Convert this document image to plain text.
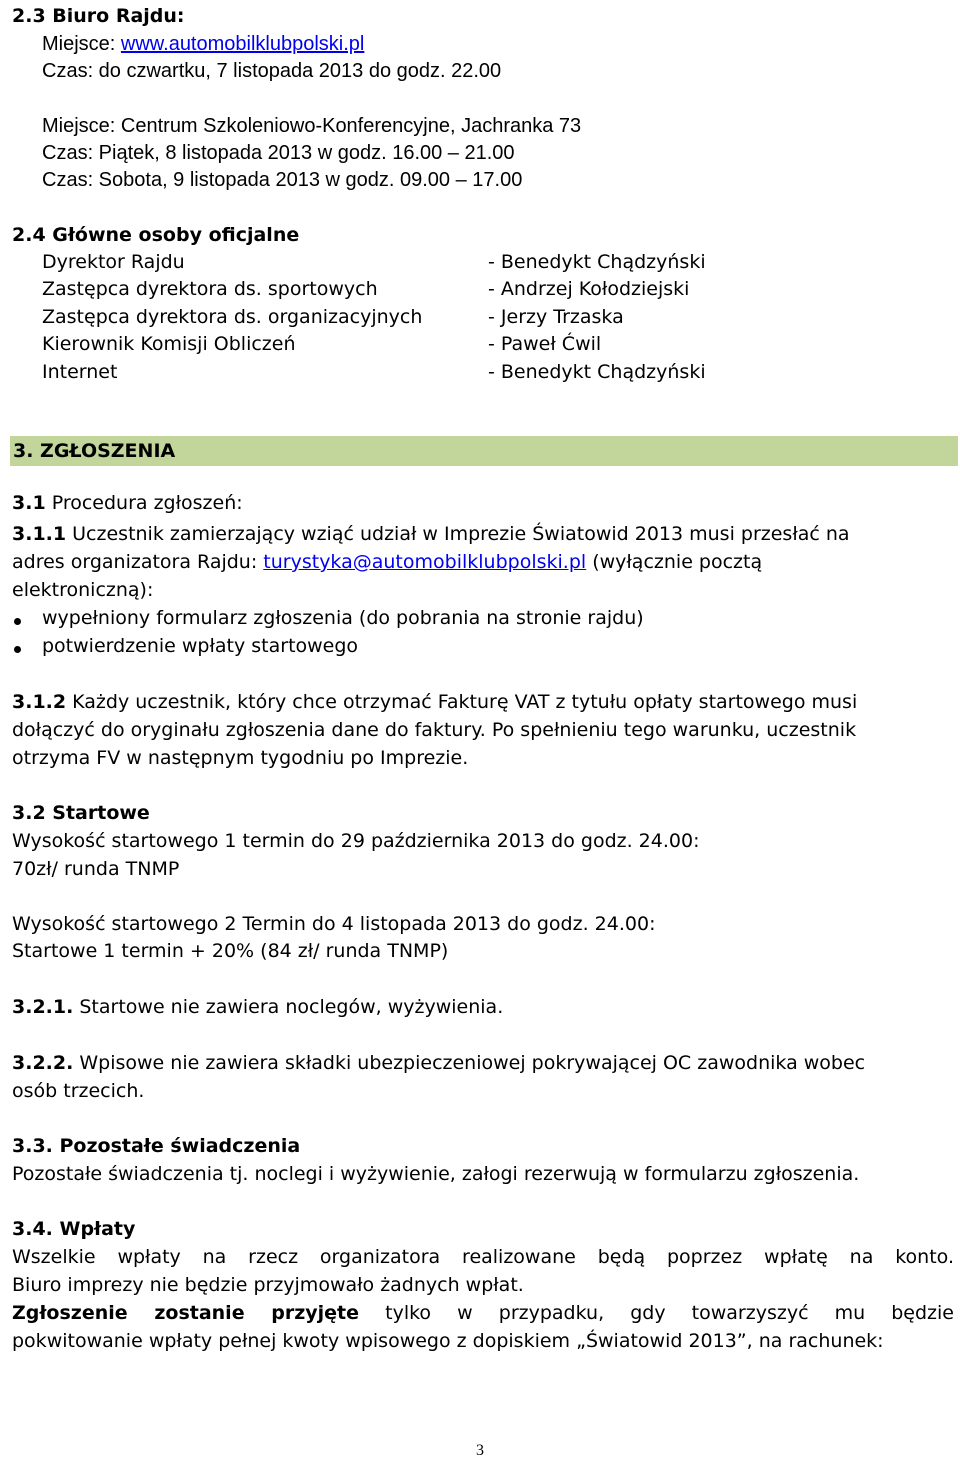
2.3 Biuro Rajdu:
Miejsce: www.automobilklubpolski.pl
Czas: do czwartku, 7 listopada 2013 do godz. 22.00
Miejsce: Centrum Szkoleniowo-Konferencyjne, Jachranka 73
Czas: Piątek, 8 listopada 2013 w godz. 16.00 – 21.00
Czas: Sobota, 9 listopada 2013 w godz. 09.00 – 17.00
2.4 Główne osoby oficjalne
Dyrektor Rajdu
Zastępca dyrektora ds. sportowych
Zastępca dyrektora ds. organizacyjnych
Kierownik Komisji Obliczeń
Internet
- Benedykt Chądzyński
- Andrzej Kołodziejski
- Jerzy Trzaska
- Paweł Ćwil
- Benedykt Chądzyński
3. ZGŁOSZENIA
3.1 Procedura zgłoszeń:
3.1.1 Uczestnik zamierzający wziąć udział w Imprezie Światowid 2013 musi przesłać na
adres organizatora Rajdu: turystyka@automobilklubpolski.pl (wyłącznie pocztą
elektroniczną):
wypełniony formularz zgłoszenia (do pobrania na stronie rajdu)
potwierdzenie wpłaty startowego
3.1.2 Każdy uczestnik, który chce otrzymać Fakturę VAT z tytułu opłaty startowego musi
dołączyć do oryginału zgłoszenia dane do faktury. Po spełnieniu tego warunku, uczestnik
otrzyma FV w następnym tygodniu po Imprezie.
3.2 Startowe
Wysokość startowego 1 termin do 29 października 2013 do godz. 24.00:
70zł/ runda TNMP
Wysokość startowego 2 Termin do 4 listopada 2013 do godz. 24.00:
Startowe 1 termin + 20% (84 zł/ runda TNMP)
3.2.1. Startowe nie zawiera noclegów, wyżywienia.
3.2.2. Wpisowe nie zawiera składki ubezpieczeniowej pokrywającej OC zawodnika wobec
osób trzecich.
3.3. Pozostałe świadczenia
Pozostałe świadczenia tj. noclegi i wyżywienie, załogi rezerwują w formularzu zgłoszenia.
3.4. Wpłaty
Wszelkie wpłaty na rzecz organizatora realizowane będą poprzez wpłatę na konto.
Biuro imprezy nie będzie przyjmowało żadnych wpłat.
Zgłoszenie zostanie przyjęte tylko w przypadku, gdy towarzyszyć mu będzie
pokwitowanie wpłaty pełnej kwoty wpisowego z dopiskiem „Światowid 2013”, na rachunek:
3
